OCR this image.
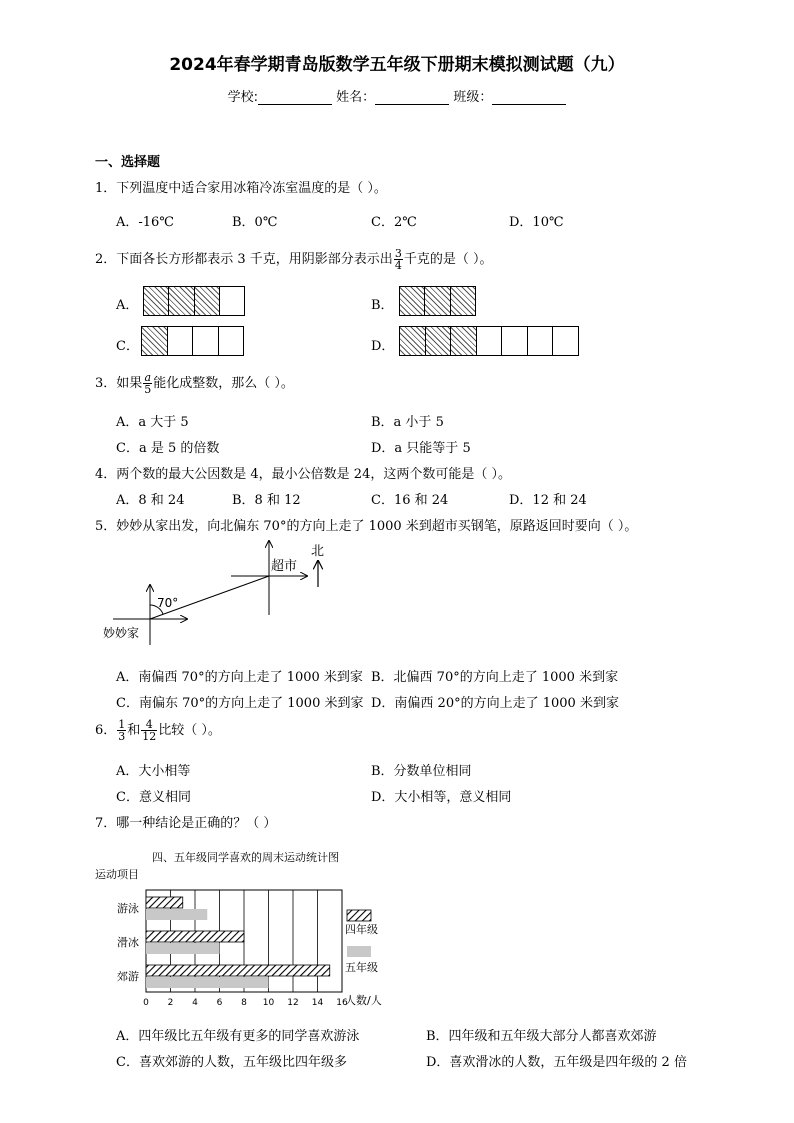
2024年春学期青岛版数学五年级下册期末模拟测试题（九）
学校:	姓名：	班级：
一、选择题
1．下列温度中适合家用冰箱冷冻室温度的是（ ）。
A．-16℃	B．0℃	C．2℃	D．10℃
2．下面各长方形都表示 3 千克，用阴影部分表示出 $\frac{3}{4}$ 千克的是（ ）。
A．	B．
C．	D．
3．如果 $\frac{a}{5}$ 能化成整数，那么（ ）。
A．a 大于 5	B．a 小于 5
C．a 是 5 的倍数	D．a 只能等于 5
4．两个数的最大公因数是 4，最小公倍数是 24，这两个数可能是（ ）。
A．8 和 24	B．8 和 12	C．16 和 24	D．12 和 24
5．妙妙从家出发，向北偏东 70°的方向上走了 1000 米到超市买钢笔，原路返回时要向（ ）。
北
超市
70°
妙妙家
A．南偏西 70°的方向上走了 1000 米到家 B．北偏西 70°的方向上走了 1000 米到家
C．南偏东 70°的方向上走了 1000 米到家 D．南偏西 20°的方向上走了 1000 米到家
6． $\frac{1}{3}$ 和 $\frac{4}{12}$ 比较（ ）。
A．大小相等	B．分数单位相同
C．意义相同	D．大小相等，意义相同
7．哪一种结论是正确的？（ ）
四、五年级同学喜欢的周末运动统计图
运动项目
人数/人
游泳
滑冰
郊游
0 2 4 6 8 10 12 14 16
四年级
五年级
A．四年级比五年级有更多的同学喜欢游泳	B．四年级和五年级大部分人都喜欢郊游
C．喜欢郊游的人数，五年级比四年级多	D．喜欢滑冰的人数，五年级是四年级的 2 倍
